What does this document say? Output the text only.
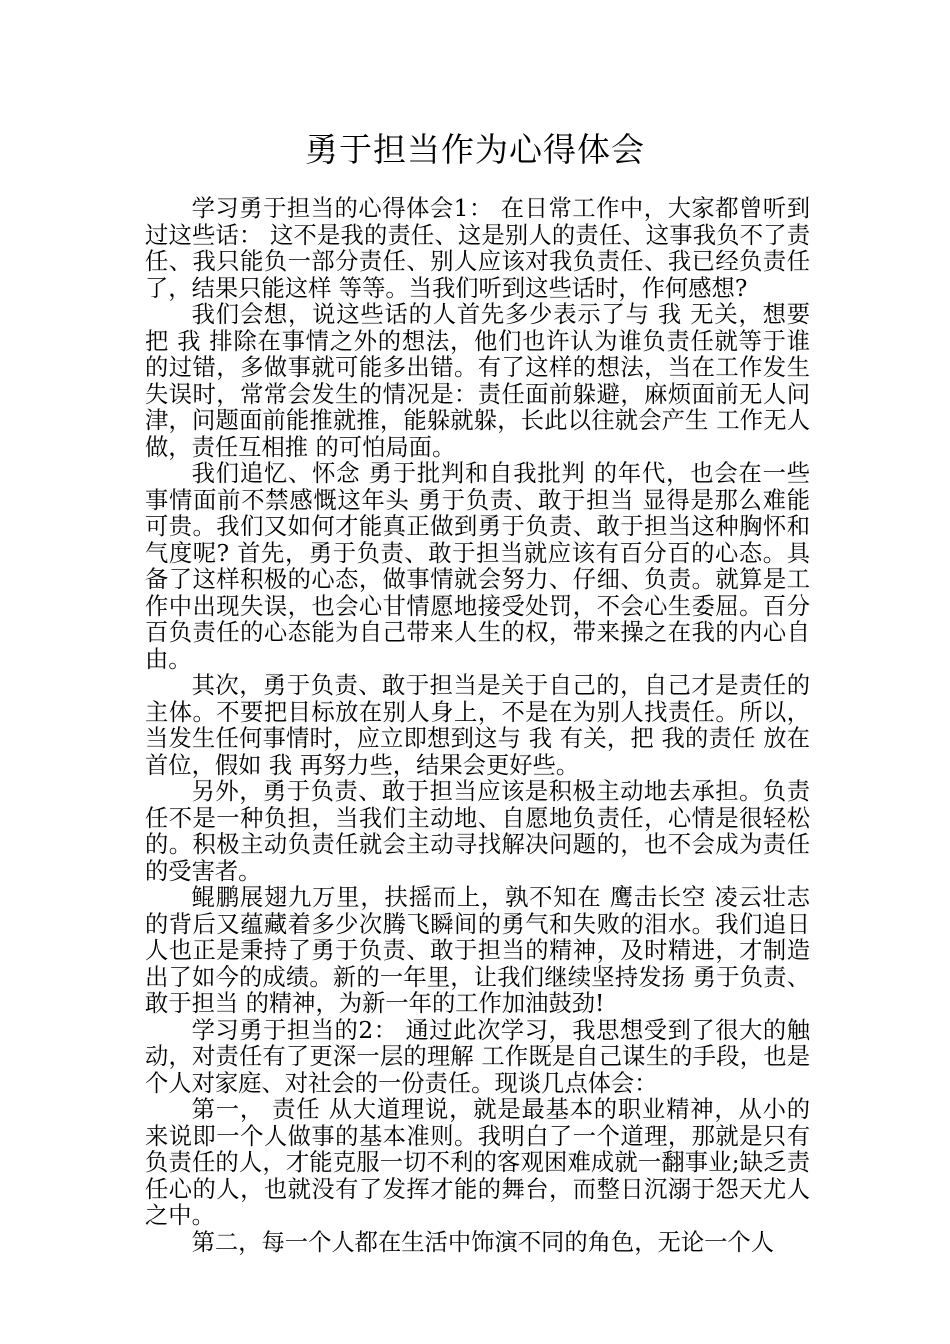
勇于担当作为心得体会

学习勇于担当的心得体会1： 在日常工作中，大家都曾听到过这些话： 这不是我的责任、这是别人的责任、这事我负不了责任、我只能负一部分责任、别人应该对我负责任、我已经负责任了，结果只能这样 等等。当我们听到这些话时，作何感想?

我们会想，说这些话的人首先多少表示了与 我 无关，想要把 我 排除在事情之外的想法，他们也许认为谁负责任就等于谁的过错，多做事就可能多出错。有了这样的想法，当在工作发生失误时，常常会发生的情况是：责任面前躲避，麻烦面前无人问津，问题面前能推就推，能躲就躲，长此以往就会产生 工作无人做，责任互相推 的可怕局面。

我们追忆、怀念 勇于批判和自我批判 的年代，也会在一些事情面前不禁感慨这年头 勇于负责、敢于担当 显得是那么难能可贵。我们又如何才能真正做到勇于负责、敢于担当这种胸怀和气度呢? 首先，勇于负责、敢于担当就应该有百分百的心态。具备了这样积极的心态，做事情就会努力、仔细、负责。就算是工作中出现失误，也会心甘情愿地接受处罚，不会心生委屈。百分百负责任的心态能为自己带来人生的权，带来操之在我的内心自由。

其次，勇于负责、敢于担当是关于自己的，自己才是责任的主体。不要把目标放在别人身上，不是在为别人找责任。所以，当发生任何事情时，应立即想到这与 我 有关，把 我的责任 放在首位，假如 我 再努力些，结果会更好些。

另外，勇于负责、敢于担当应该是积极主动地去承担。负责任不是一种负担，当我们主动地、自愿地负责任，心情是很轻松的。积极主动负责任就会主动寻找解决问题的，也不会成为责任的受害者。

鲲鹏展翅九万里，扶摇而上，孰不知在 鹰击长空 凌云壮志的背后又蕴藏着多少次腾飞瞬间的勇气和失败的泪水。我们追日人也正是秉持了勇于负责、敢于担当的精神，及时精进，才制造出了如今的成绩。新的一年里，让我们继续坚持发扬 勇于负责、敢于担当 的精神，为新一年的工作加油鼓劲!

学习勇于担当的2： 通过此次学习，我思想受到了很大的触动，对责任有了更深一层的理解 工作既是自己谋生的手段，也是个人对家庭、对社会的一份责任。现谈几点体会：

第一， 责任 从大道理说，就是最基本的职业精神，从小的来说即一个人做事的基本准则。我明白了一个道理，那就是只有负责任的人，才能克服一切不利的客观困难成就一翻事业;缺乏责任心的人，也就没有了发挥才能的舞台，而整日沉溺于怨天尤人 之中。

第二，每一个人都在生活中饰演不同的角色，无论一个人
